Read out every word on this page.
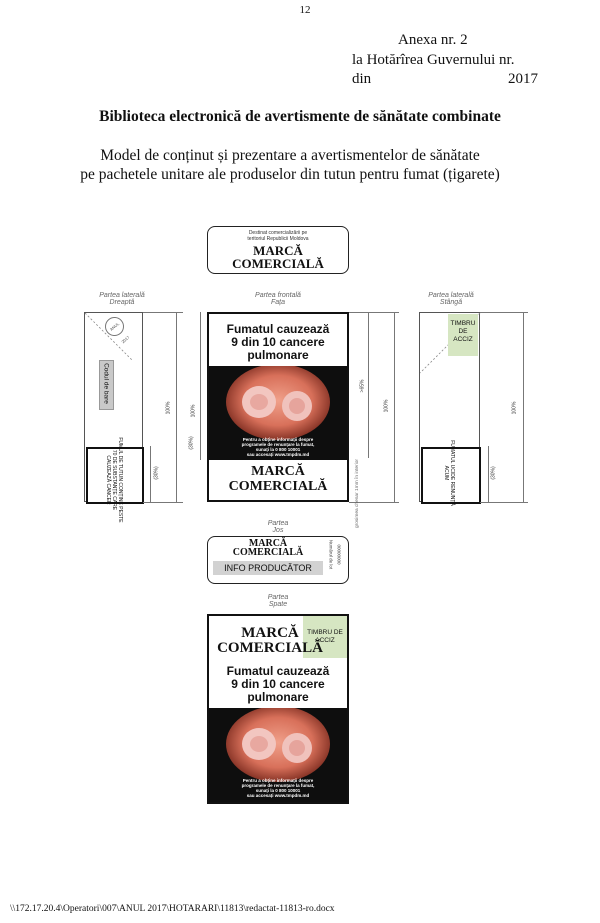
12
Anexa nr. 2
la Hotărîrea Guvernului nr.
din	2017
Biblioteca electronică de avertismente de sănătate combinate
Model de conținut și prezentare a avertismentelor de sănătate
pe pachetele unitare ale produselor din tutun pentru fumat (țigarete)
Destinat comercializării pe
teritoriul Republicii Moldova
MARCĂ
COMERCIALĂ
Partea laterală
Dreaptă
Partea frontală
Fața
Partea laterală
Stângă
ANUL 2017
Codul de bare
FUMUL DE TUTUN CONȚINE PESTE 70 DE SUBSTANȚE CARE CAUZEAZĂ CANCER
100%
(30%)
Fumatul cauzează
9 din 10 cancere
pulmonare
Pentru a obține informații despre
programele de renunțare la fumat,
sunați la 0 800 10001
sau accesați www.tmpdm.md
MARCĂ
COMERCIALĂ
100%
(30%)
>65%
100%
grosimea chenar 1mm în interior
TIMBRU
DE
ACCIZ
FUMATUL UCIDE RENUNȚĂ ACUM
100%
(30%)
Partea
Jos
MARCĂ
COMERCIALĂ
INFO PRODUCĂTOR	Numărul de lot 00000000
Partea
Spate
TIMBRU DE
ACCIZ
MARCĂ
COMERCIALĂ
Fumatul cauzează
9 din 10 cancere
pulmonare
Pentru a obține informații despre
programele de renunțare la fumat,
sunați la 0 800 10001
sau accesați www.tmpdm.md
\\172.17.20.4\Operatori\007\ANUL 2017\HOTARARI\11813\redactat-11813-ro.docx
